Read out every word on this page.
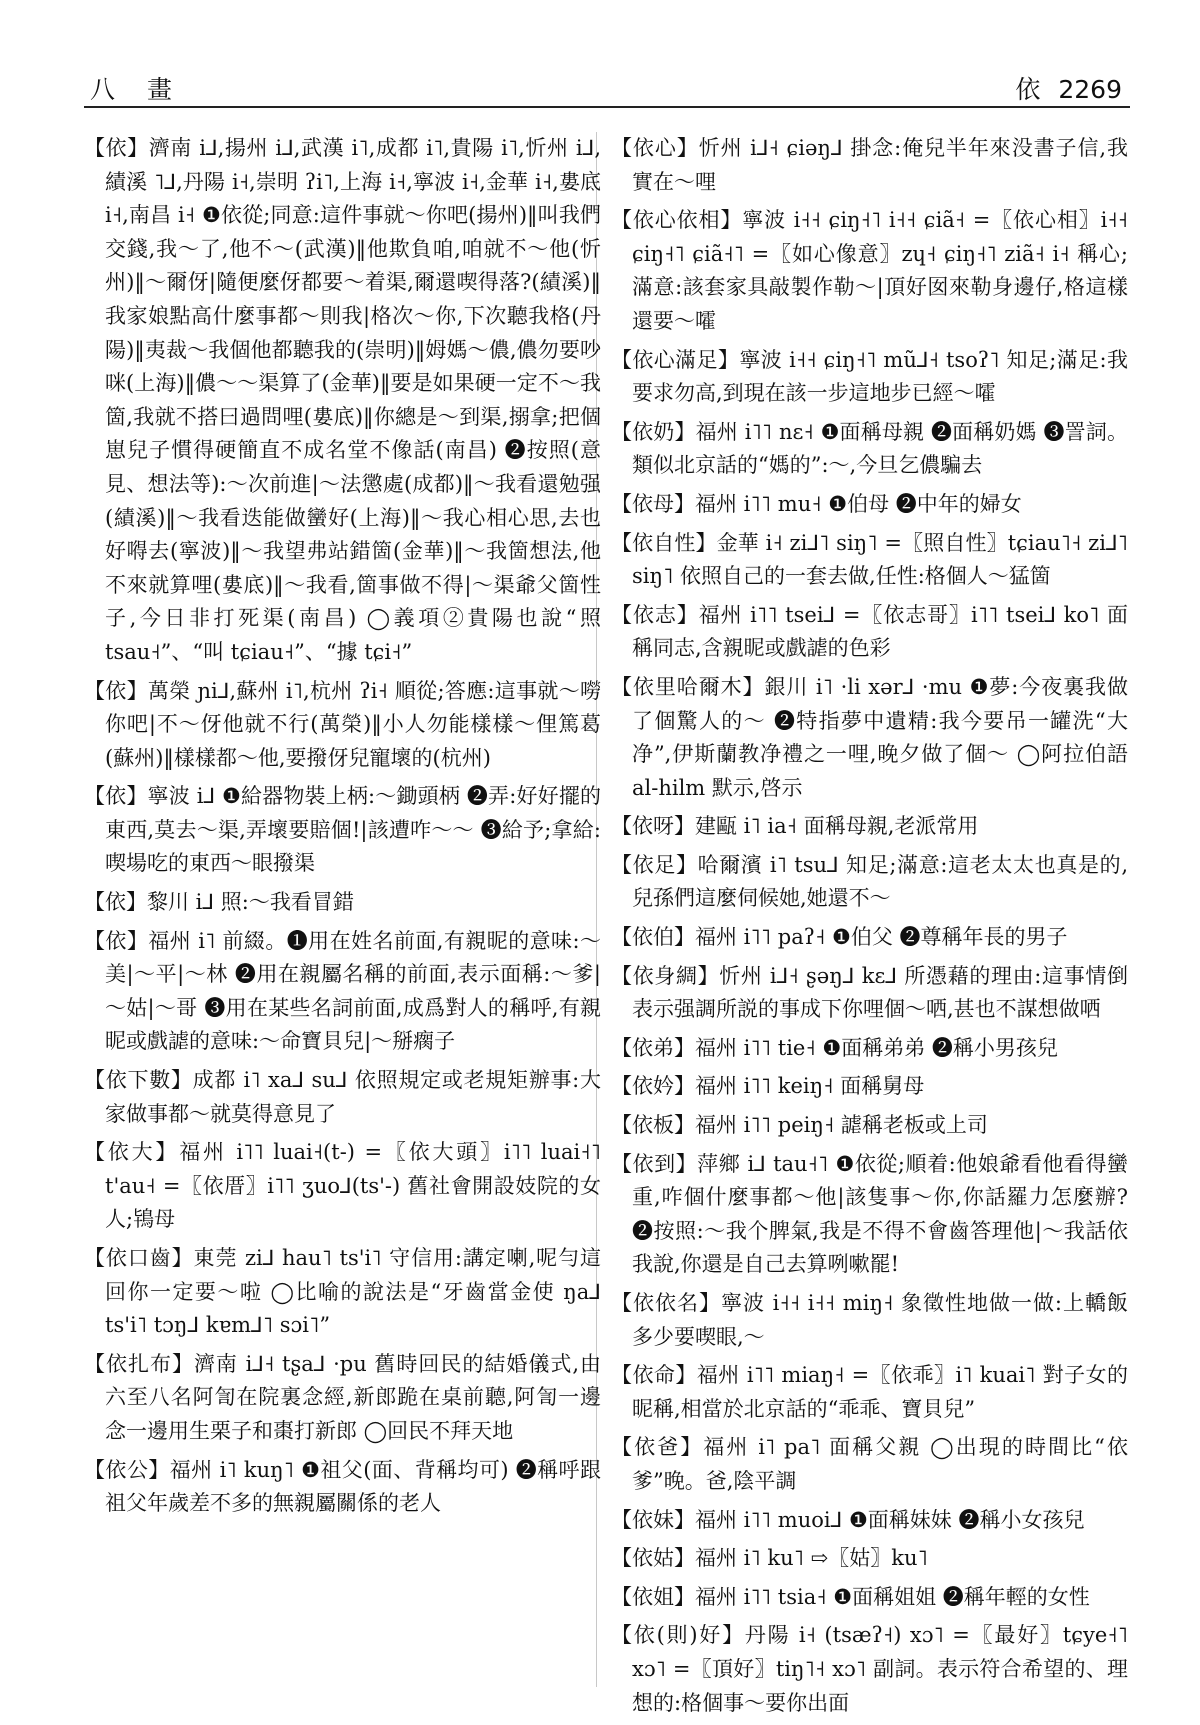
八 畫	依 2269

【依】濟南 i⅃,揚州 i⅃,武漢 i˥,成都 i˥,貴陽 i˥,忻州 i⅃,績溪 ˥⅃,丹陽 i˧,崇明 ʔi˥,上海 i˧,寧波 i˧,金華 i˧,婁底 i˧,南昌 i˧ ❶依從;同意:這件事就～你吧(揚州)‖叫我們交錢,我～了,他不～(武漢)‖他欺負咱,咱就不～他(忻州)‖～爾伢|隨便麼伢都要～着渠,爾還喫得落?(績溪)‖我家娘點高什麼事都～則我|格次～你,下次聽我格(丹陽)‖夷裁～我個他都聽我的(崇明)‖姆媽～儂,儂勿要吵咪(上海)‖儂～～渠算了(金華)‖要是如果硬一定不～我箇,我就不搭曰過問哩(婁底)‖你總是～到渠,搦拿;把個崽兒子慣得硬簡直不成名堂不像話(南昌) ❷按照(意見、想法等):～次前進|～法懲處(成都)‖～我看還勉强(績溪)‖～我看迭能做蠻好(上海)‖～我心相心思,去也好嘚去(寧波)‖～我望弗站錯箇(金華)‖～我箇想法,他不來就算哩(婁底)‖～我看,箇事做不得|～渠爺父箇性子,今日非打死渠(南昌) ◯義項②貴陽也說“照 tsau˧”、“叫 tɕiau˧”、“據 tɕi˧”

【依】萬榮 ɲi⅃,蘇州 i˥,杭州 ʔi˧ 順從;答應:這事就～嘮你吧|不～伢他就不行(萬榮)‖小人勿能樣樣～俚篤葛(蘇州)‖樣樣都～他,要撥伢兒寵壞的(杭州)

【依】寧波 i⅃ ❶給器物裝上柄:～鋤頭柄 ❷弄:好好擺的東西,莫去～渠,弄壞要賠個!|該遭咋～～ ❸給予;拿給:喫場吃的東西～眼撥渠

【依】黎川 i⅃ 照:～我看冒錯

【依】福州 i˥ 前綴。❶用在姓名前面,有親昵的意味:～美|～平|～林 ❷用在親屬名稱的前面,表示面稱:～爹|～姑|～哥 ❸用在某些名詞前面,成爲對人的稱呼,有親昵或戲謔的意味:～命寶貝兒|～掰瘸子

【依下數】成都 i˥ xa⅃ su⅃ 依照規定或老規矩辦事:大家做事都～就莫得意見了

【依大】福州 i˥˥ luai˧(t-) =〖依大頭〗i˥˥ luai˧˥ t'au˧ =〖依厝〗i˥˥ ʒuo⅃(ts'-) 舊社會開設妓院的女人;鴇母

【依口齒】東莞 zi⅃ hau˥ ts'i˥ 守信用:講定喇,呢勻這回你一定要～啦 ◯比喻的說法是“牙齒當金使 ŋa⅃ ts'i˥ tɔŋ⅃ kɐm⅃˥ sɔi˥”

【依扎布】濟南 i⅃˧ tʂa⅃ ·pu 舊時回民的結婚儀式,由六至八名阿訇在院裏念經,新郎跪在桌前聽,阿訇一邊念一邊用生栗子和棗打新郎 ◯回民不拜天地

【依公】福州 i˥ kuŋ˥ ❶祖父(面、背稱均可) ❷稱呼跟祖父年歲差不多的無親屬關係的老人

【依心】忻州 i⅃˧ ɕiəŋ⅃ 掛念:俺兒半年來没書子信,我實在～哩

【依心依相】寧波 i˧˧ ɕiŋ˧˥ i˧˧ ɕiã˧ =〖依心相〗i˧˧ ɕiŋ˧˥ ɕiã˧˥ =〖如心像意〗zɥ˧ ɕiŋ˧˥ ziã˧ i˧ 稱心;滿意:該套家具敲製作勒～|頂好囡來勒身邊仔,格這樣還要～嚯

【依心滿足】寧波 i˧˧ ɕiŋ˧˥ mũ⅃˧ tsoʔ˥ 知足;滿足:我要求勿高,到現在該一步這地步已經～嚯

【依奶】福州 i˥˥ nɛ˧ ❶面稱母親 ❷面稱奶媽 ❸詈詞。類似北京話的“媽的”:～,今旦乞儂騙去

【依母】福州 i˥˥ mu˧ ❶伯母 ❷中年的婦女

【依自性】金華 i˧ zi⅃˥ siŋ˥ =〖照自性〗tɕiau˥˧ zi⅃˥ siŋ˥ 依照自己的一套去做,任性:格個人～猛箇

【依志】福州 i˥˥ tsei⅃ =〖依志哥〗i˥˥ tsei⅃ ko˥ 面稱同志,含親昵或戲謔的色彩

【依里哈爾木】銀川 i˥ ·li xər⅃ ·mu ❶夢:今夜裏我做了個驚人的～ ❷特指夢中遺精:我今要吊一罐洗“大净”,伊斯蘭教净禮之一哩,晚夕做了個～ ◯阿拉伯語 al-hilm 默示,啓示

【依呀】建甌 i˥ ia˧ 面稱母親,老派常用

【依足】哈爾濱 i˥ tsu⅃ 知足;滿意:這老太太也真是的,兒孫們這麼伺候她,她還不～

【依伯】福州 i˥˥ paʔ˧ ❶伯父 ❷尊稱年長的男子

【依身綢】忻州 i⅃˧ ʂəŋ⅃ kɛ⅃ 所憑藉的理由:這事情倒表示强調所説的事成下你哩個～哂,甚也不謀想做哂

【依弟】福州 i˥˥ tie˧ ❶面稱弟弟 ❷稱小男孩兒

【依妗】福州 i˥˥ keiŋ˧ 面稱舅母

【依板】福州 i˥˥ peiŋ˧ 謔稱老板或上司

【依到】萍鄉 i⅃ tau˧˥ ❶依從;順着:他娘爺看他看得蠻重,咋個什麼事都～他|該隻事～你,你話羅力怎麼辦? ❷按照:～我个脾氣,我是不得不會齒答理他|～我話依我說,你還是自己去算咧嗽罷!

【依依名】寧波 i˧˧ i˧˧ miŋ˧ 象徵性地做一做:上轎飯多少要喫眼,～

【依命】福州 i˥˥ miaŋ˧ =〖依乖〗i˥ kuai˥ 對子女的昵稱,相當於北京話的“乖乖、寶貝兒”

【依爸】福州 i˥ pa˥ 面稱父親 ◯出現的時間比“依爹”晚。爸,陰平調

【依妹】福州 i˥˥ muoi⅃ ❶面稱妹妹 ❷稱小女孩兒

【依姑】福州 i˥ ku˥ ⇨〖姑〗ku˥

【依姐】福州 i˥˥ tsia˧ ❶面稱姐姐 ❷稱年輕的女性

【依(則)好】丹陽 i˧ (tsæʔ˧) xɔ˥ =〖最好〗tɕye˧˥ xɔ˥ =〖頂好〗tiŋ˥˧ xɔ˥ 副詞。表示符合希望的、理想的:格個事～要你出面
